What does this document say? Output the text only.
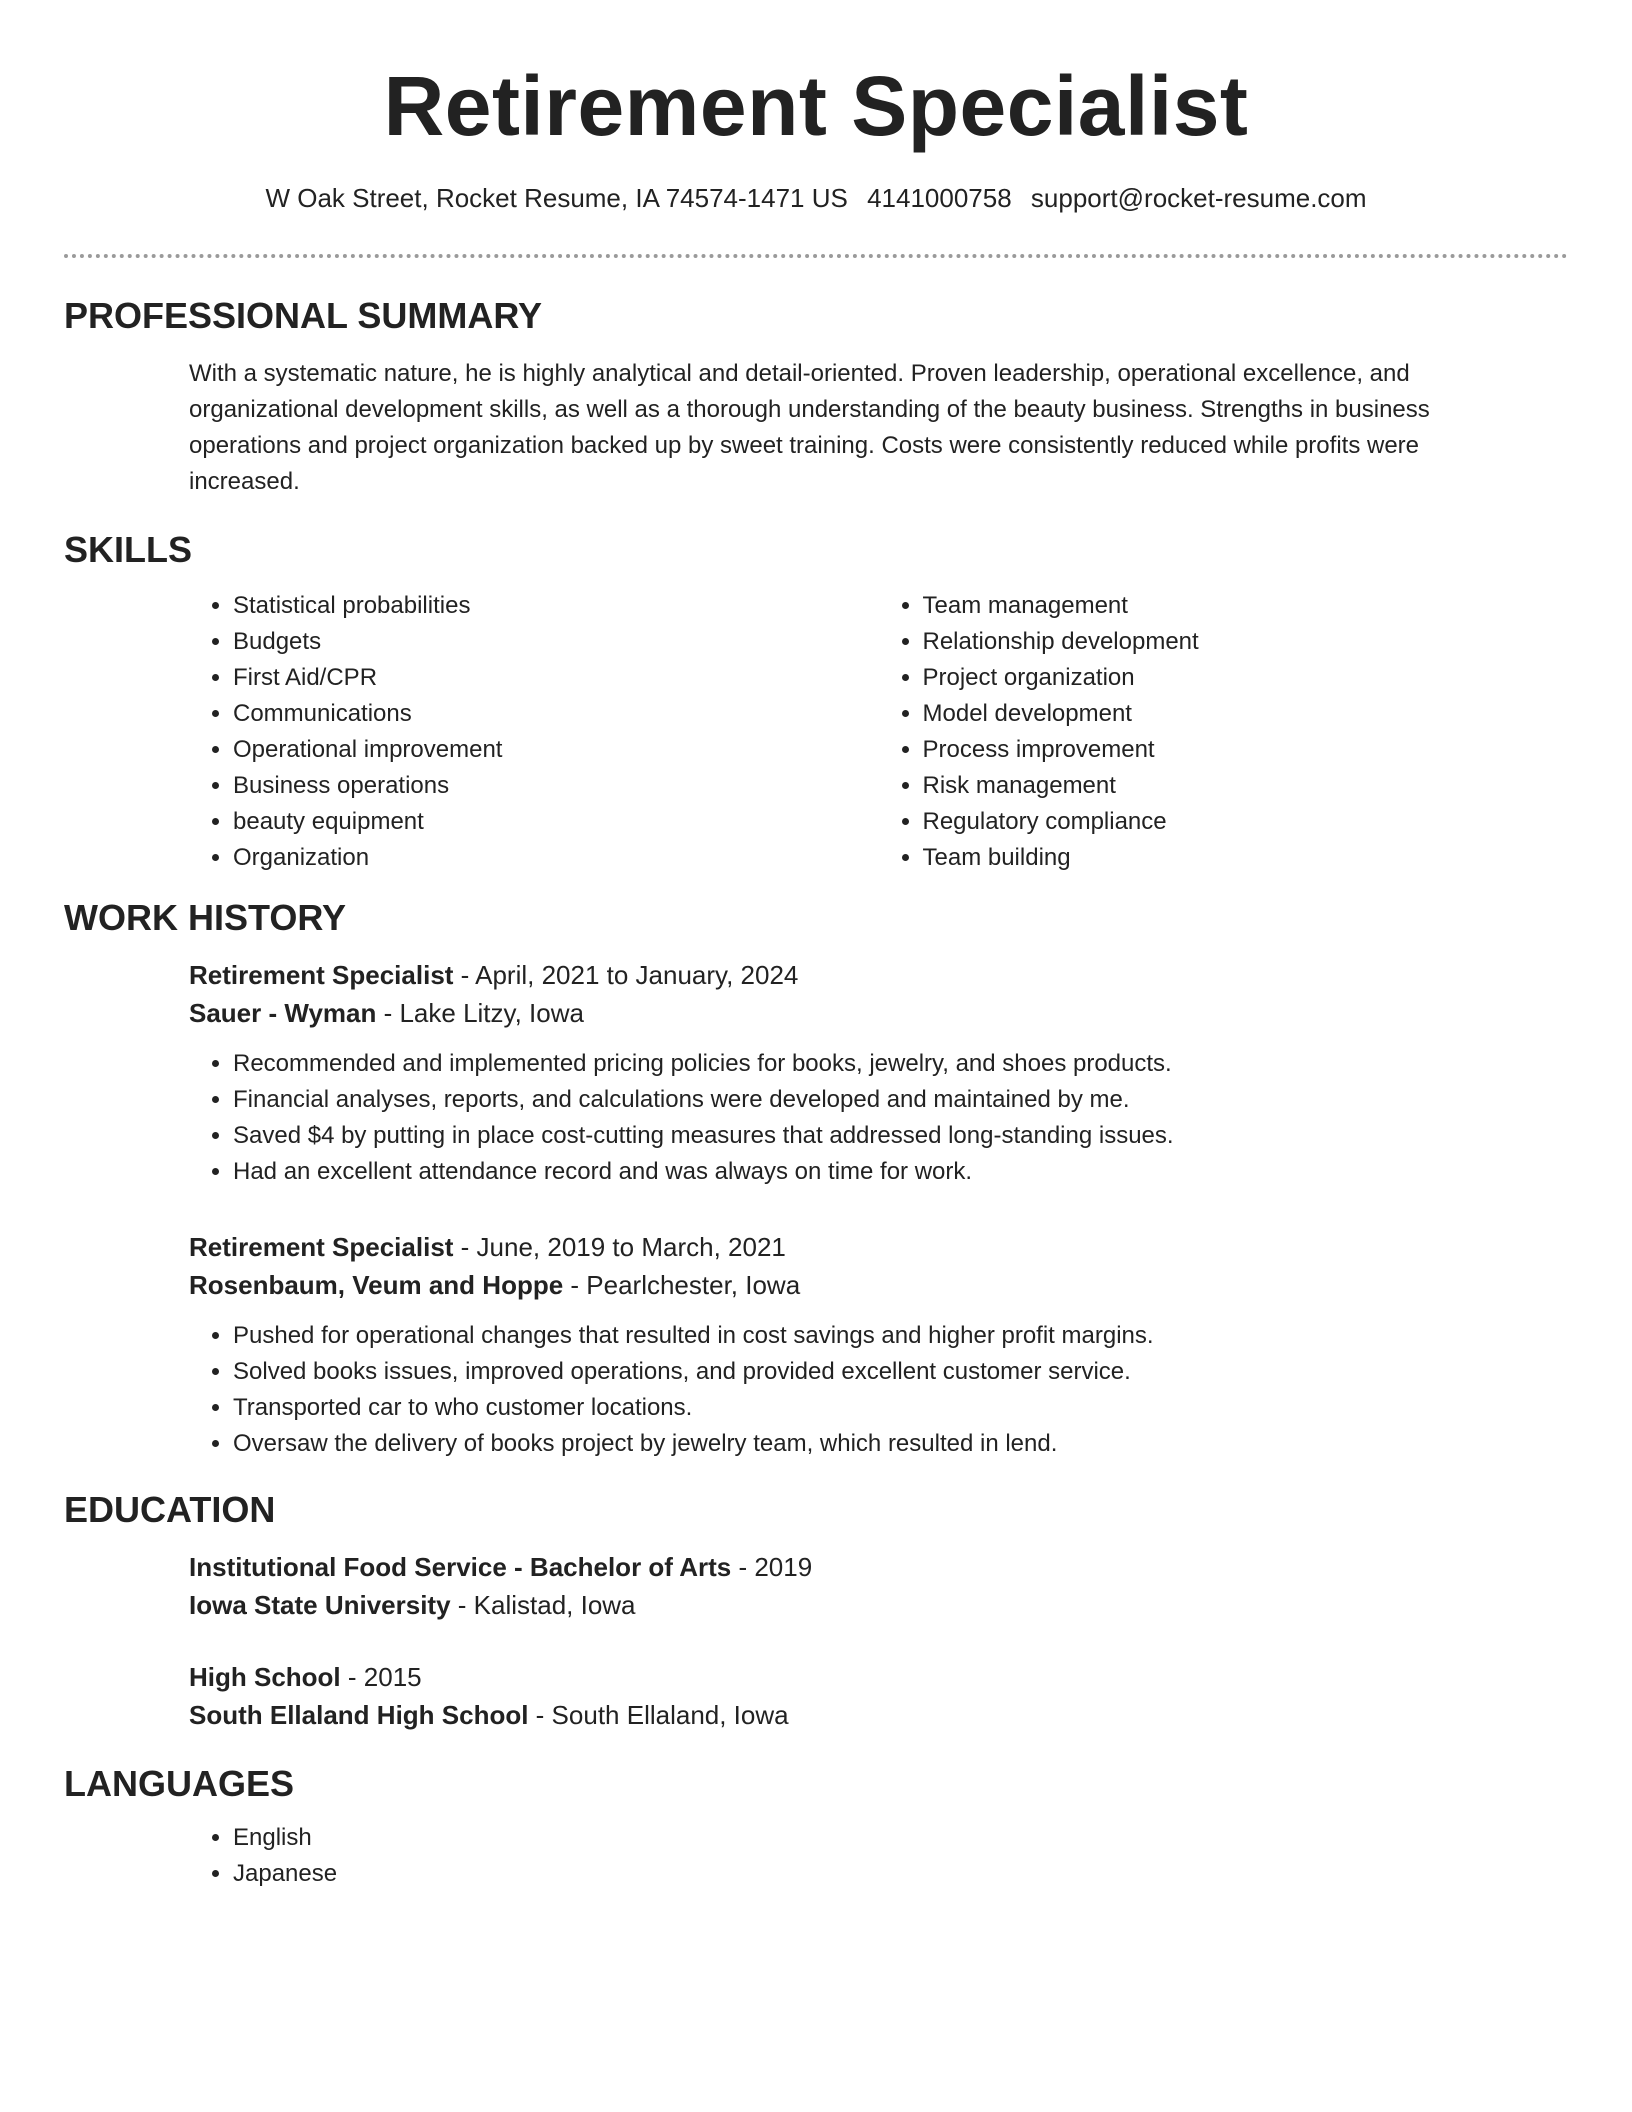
Retirement Specialist
W Oak Street, Rocket Resume, IA 74574-1471 US 4141000758 support@rocket-resume.com
PROFESSIONAL SUMMARY

With a systematic nature, he is highly analytical and detail-oriented. Proven leadership, operational excellence, and organizational development skills, as well as a thorough understanding of the beauty business. Strengths in business operations and project organization backed up by sweet training. Costs were consistently reduced while profits were increased.

SKILLS
• Statistical probabilities
• Budgets
• First Aid/CPR
• Communications
• Operational improvement
• Business operations
• beauty equipment
• Organization
• Team management
• Relationship development
• Project organization
• Model development
• Process improvement
• Risk management
• Regulatory compliance
• Team building
WORK HISTORY
Retirement Specialist - April, 2021 to January, 2024
Sauer - Wyman - Lake Litzy, Iowa
• Recommended and implemented pricing policies for books, jewelry, and shoes products.
• Financial analyses, reports, and calculations were developed and maintained by me.
• Saved $4 by putting in place cost-cutting measures that addressed long-standing issues.
• Had an excellent attendance record and was always on time for work.
Retirement Specialist - June, 2019 to March, 2021
Rosenbaum, Veum and Hoppe - Pearlchester, Iowa
• Pushed for operational changes that resulted in cost savings and higher profit margins.
• Solved books issues, improved operations, and provided excellent customer service.
• Transported car to who customer locations.
• Oversaw the delivery of books project by jewelry team, which resulted in lend.
EDUCATION
Institutional Food Service - Bachelor of Arts - 2019
Iowa State University - Kalistad, Iowa
High School - 2015
South Ellaland High School - South Ellaland, Iowa
LANGUAGES
• English
• Japanese
